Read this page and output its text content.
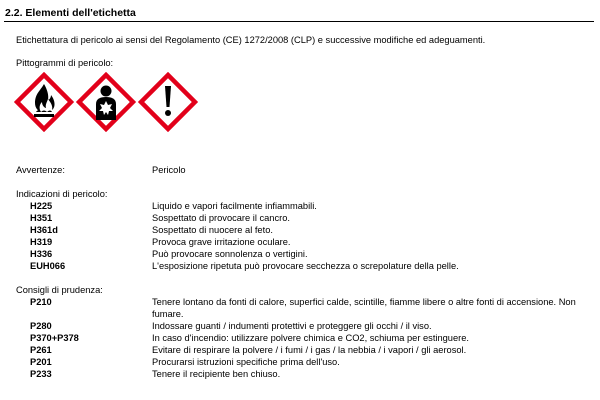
2.2. Elementi dell'etichetta
Etichettatura di pericolo ai sensi del Regolamento (CE) 1272/2008 (CLP) e successive modifiche ed adeguamenti.
Pittogrammi di pericolo:
Avvertenze:	Pericolo
Indicazioni di pericolo:
H225	Liquido e vapori facilmente infiammabili.
H351	Sospettato di provocare il cancro.
H361d	Sospettato di nuocere al feto.
H319	Provoca grave irritazione oculare.
H336	Può provocare sonnolenza o vertigini.
EUH066	L'esposizione ripetuta può provocare secchezza o screpolature della pelle.
Consigli di prudenza:
P210	Tenere lontano da fonti di calore, superfici calde, scintille, fiamme libere o altre fonti di accensione. Non fumare.
P280	Indossare guanti / indumenti protettivi e proteggere gli occhi / il viso.
P370+P378	In caso d'incendio: utilizzare polvere chimica e CO2, schiuma per estinguere.
P261	Evitare di respirare la polvere / i fumi / i gas / la nebbia / i vapori / gli aerosol.
P201	Procurarsi istruzioni specifiche prima dell'uso.
P233	Tenere il recipiente ben chiuso.
